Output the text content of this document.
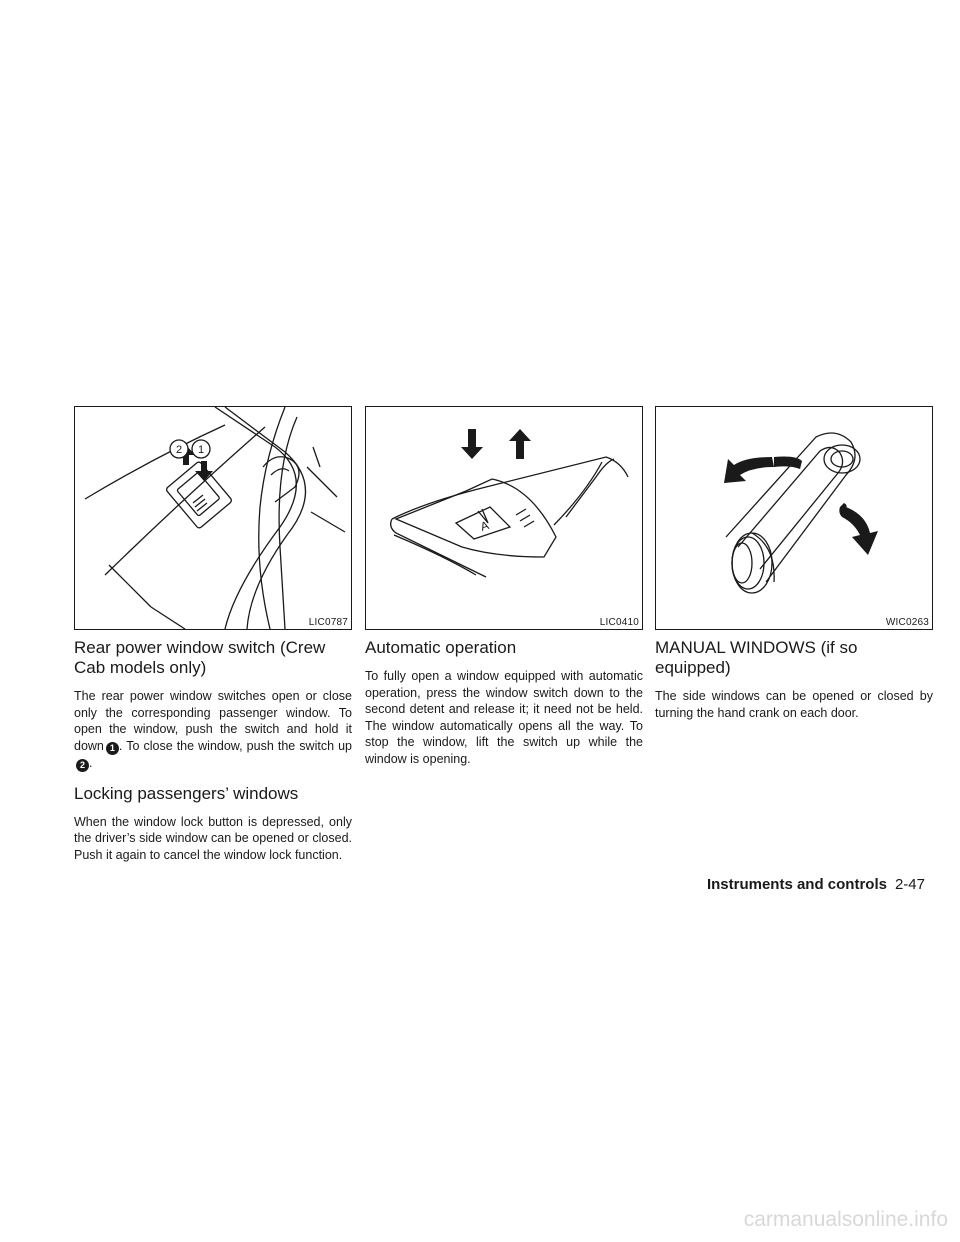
2 1
LIC0787
Rear power window switch (Crew Cab models only)

The rear power window switches open or close only the corresponding passenger window. To open the window, push the switch and hold it down 1 . To close the window, push the switch up2 .

Locking passengers’ windows

When the window lock button is depressed, only the driver’s side window can be opened or closed. Push it again to cancel the window lock function.

A
LIC0410
Automatic operation

To fully open a window equipped with automatic operation, press the window switch down to the second detent and release it; it need not be held. The window automatically opens all the way. To stop the window, lift the switch up while the window is opening.

WIC0263
MANUAL WINDOWS (if so equipped)

The side windows can be opened or closed by turning the hand crank on each door.

Instruments and controls 2-47
carmanualsonline.info
